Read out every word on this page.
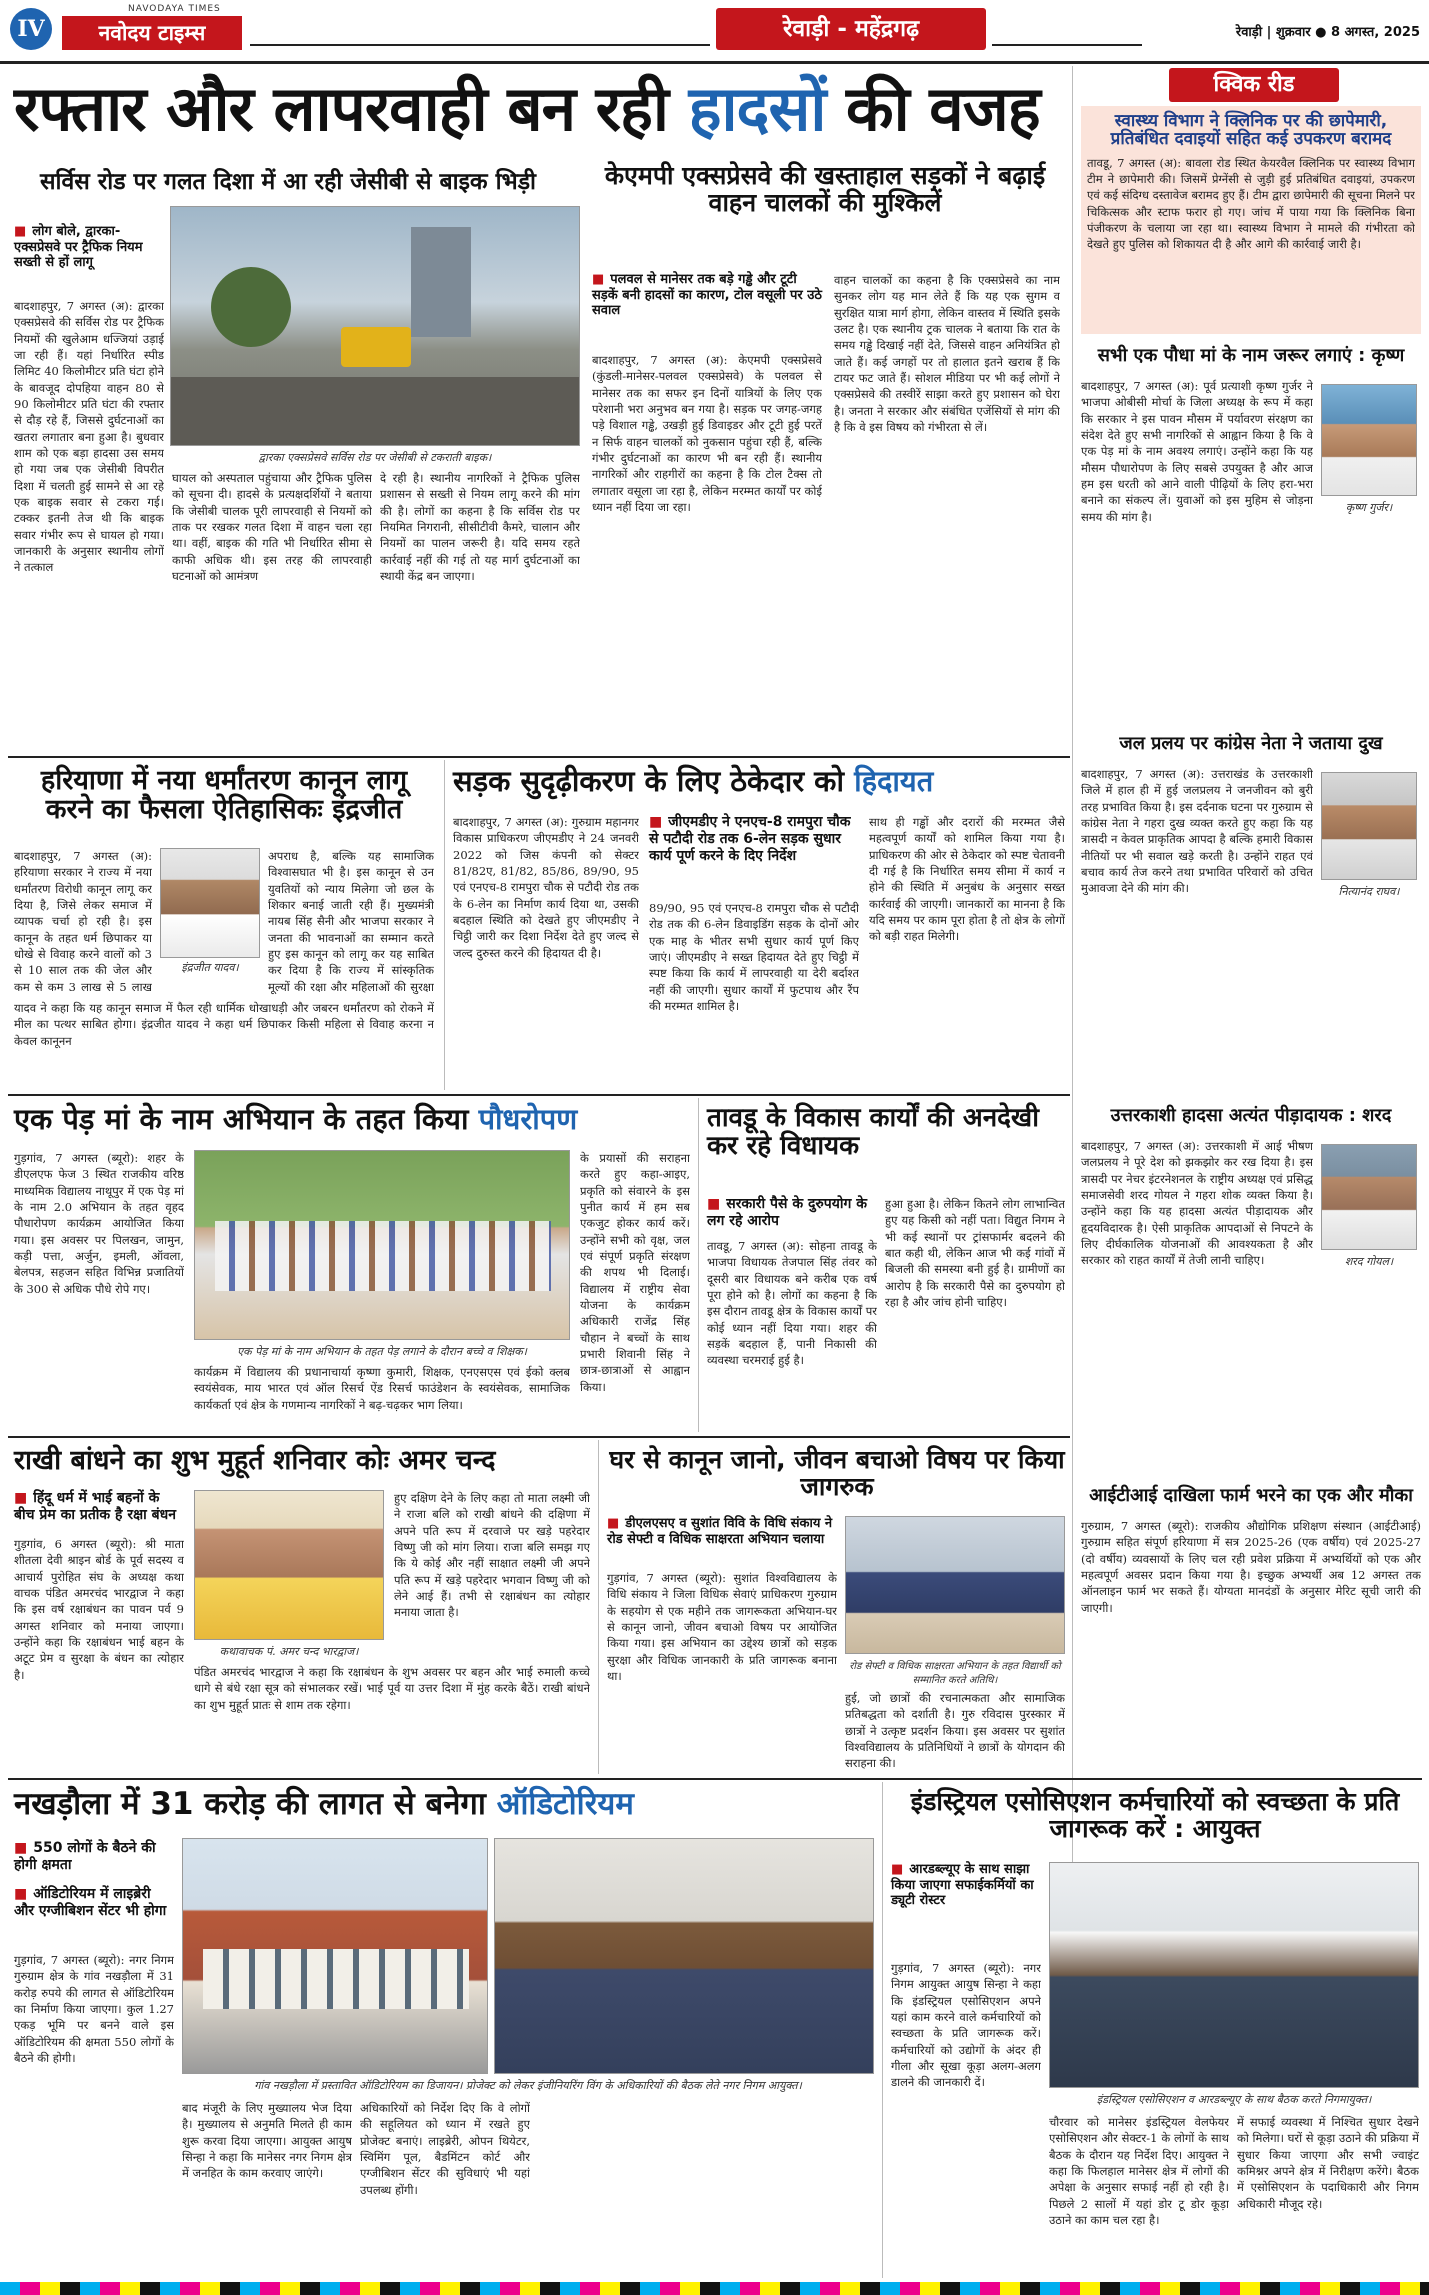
IV
NAVODAYA TIMES
नवोदय टाइम्स	रेवाड़ी - महेंद्रगढ़	रेवाड़ी | शुक्रवार ● 8 अगस्त, 2025
रफ्तार और लापरवाही बन रही हादसों की वजह
सर्विस रोड पर गलत दिशा में आ रही जेसीबी से बाइक भिड़ी	केएमपी एक्सप्रेसवे की खस्ताहाल सड़कों ने बढ़ाई वाहन चालकों की मुश्किलें
■ लोग बोले, द्वारका-एक्सप्रेसवे पर ट्रैफिक नियम सख्ती से हों लागू
द्वारका एक्सप्रेसवे सर्विस रोड पर जेसीबी से टकराती बाइक।
बादशाहपुर, 7 अगस्त (अ): द्वारका एक्सप्रेसवे की सर्विस रोड पर ट्रैफिक नियमों की खुलेआम धज्जियां उड़ाई जा रही हैं। यहां निर्धारित स्पीड लिमिट 40 किलोमीटर प्रति घंटा होने के बावजूद दोपहिया वाहन 80 से 90 किलोमीटर प्रति घंटा की रफ्तार से दौड़ रहे हैं, जिससे दुर्घटनाओं का खतरा लगातार बना हुआ है। बुधवार शाम को एक बड़ा हादसा उस समय हो गया जब एक जेसीबी विपरीत दिशा में चलती हुई सामने से आ रहे एक बाइक सवार से टकरा गई। टक्कर इतनी तेज थी कि बाइक सवार गंभीर रूप से घायल हो गया। जानकारी के अनुसार स्थानीय लोगों ने तत्काल
घायल को अस्पताल पहुंचाया और ट्रैफिक पुलिस को सूचना दी। हादसे के प्रत्यक्षदर्शियों ने बताया कि जेसीबी चालक पूरी लापरवाही से नियमों को ताक पर रखकर गलत दिशा में वाहन चला रहा था। वहीं, बाइक की गति भी निर्धारित सीमा से काफी अधिक थी। इस तरह की लापरवाही घटनाओं को आमंत्रण
दे रही है। स्थानीय नागरिकों ने ट्रैफिक पुलिस प्रशासन से सख्ती से नियम लागू करने की मांग की है। लोगों का कहना है कि सर्विस रोड पर नियमित निगरानी, सीसीटीवी कैमरे, चालान और नियमों का पालन जरूरी है। यदि समय रहते कार्रवाई नहीं की गई तो यह मार्ग दुर्घटनाओं का स्थायी केंद्र बन जाएगा।
■ पलवल से मानेसर तक बड़े गड्ढे और टूटी सड़कें बनी हादसों का कारण, टोल वसूली पर उठे सवाल
बादशाहपुर, 7 अगस्त (अ): केएमपी एक्सप्रेसवे (कुंडली-मानेसर-पलवल एक्सप्रेसवे) के पलवल से मानेसर तक का सफर इन दिनों यात्रियों के लिए एक परेशानी भरा अनुभव बन गया है। सड़क पर जगह-जगह पड़े विशाल गड्ढे, उखड़ी हुई डिवाइडर और टूटी हुई परतें न सिर्फ वाहन चालकों को नुकसान पहुंचा रही हैं, बल्कि गंभीर दुर्घटनाओं का कारण भी बन रही हैं। स्थानीय नागरिकों और राहगीरों का कहना है कि टोल टैक्स तो लगातार वसूला जा रहा है, लेकिन मरम्मत कार्यों पर कोई ध्यान नहीं दिया जा रहा।
वाहन चालकों का कहना है कि एक्सप्रेसवे का नाम सुनकर लोग यह मान लेते हैं कि यह एक सुगम व सुरक्षित यात्रा मार्ग होगा, लेकिन वास्तव में स्थिति इसके उलट है। एक स्थानीय ट्रक चालक ने बताया कि रात के समय गड्ढे दिखाई नहीं देते, जिससे वाहन अनियंत्रित हो जाते हैं। कई जगहों पर तो हालात इतने खराब हैं कि टायर फट जाते हैं। सोशल मीडिया पर भी कई लोगों ने एक्सप्रेसवे की तस्वीरें साझा करते हुए प्रशासन को घेरा है। जनता ने सरकार और संबंधित एजेंसियों से मांग की है कि वे इस विषय को गंभीरता से लें।
क्विक रीड
स्वास्थ्य विभाग ने क्लिनिक पर की छापेमारी, प्रतिबंधित दवाइयों सहित कई उपकरण बरामद
तावडू, 7 अगस्त (अ): बावला रोड स्थित केयरवैल क्लिनिक पर स्वास्थ्य विभाग टीम ने छापेमारी की। जिसमें प्रेग्नेंसी से जुड़ी हुई प्रतिबंधित दवाइयां, उपकरण एवं कई संदिग्ध दस्तावेज बरामद हुए हैं। टीम द्वारा छापेमारी की सूचना मिलने पर चिकित्सक और स्टाफ फरार हो गए। जांच में पाया गया कि क्लिनिक बिना पंजीकरण के चलाया जा रहा था। स्वास्थ्य विभाग ने मामले की गंभीरता को देखते हुए पुलिस को शिकायत दी है और आगे की कार्रवाई जारी है।
सभी एक पौधा मां के नाम जरूर लगाएं : कृष्ण
बादशाहपुर, 7 अगस्त (अ): पूर्व प्रत्याशी कृष्ण गुर्जर ने भाजपा ओबीसी मोर्चा के जिला अध्यक्ष के रूप में कहा कि सरकार ने इस पावन मौसम में पर्यावरण संरक्षण का संदेश देते हुए सभी नागरिकों से आह्वान किया है कि वे एक पेड़ मां के नाम अवश्य लगाएं। उन्होंने कहा कि यह मौसम पौधारोपण के लिए सबसे उपयुक्त है और आज हम इस धरती को आने वाली पीढ़ियों के लिए हरा-भरा बनाने का संकल्प लें। युवाओं को इस मुहिम से जोड़ना समय की मांग है।
कृष्ण गुर्जर।
जल प्रलय पर कांग्रेस नेता ने जताया दुख
बादशाहपुर, 7 अगस्त (अ): उत्तराखंड के उत्तरकाशी जिले में हाल ही में हुई जलप्रलय ने जनजीवन को बुरी तरह प्रभावित किया है। इस दर्दनाक घटना पर गुरुग्राम से कांग्रेस नेता ने गहरा दुख व्यक्त करते हुए कहा कि यह त्रासदी न केवल प्राकृतिक आपदा है बल्कि हमारी विकास नीतियों पर भी सवाल खड़े करती है। उन्होंने राहत एवं बचाव कार्य तेज करने तथा प्रभावित परिवारों को उचित मुआवजा देने की मांग की।	नित्यानंद राघव।
उत्तरकाशी हादसा अत्यंत पीड़ादायक : शरद
बादशाहपुर, 7 अगस्त (अ): उत्तरकाशी में आई भीषण जलप्रलय ने पूरे देश को झकझोर कर रख दिया है। इस त्रासदी पर नेचर इंटरनेशनल के राष्ट्रीय अध्यक्ष एवं प्रसिद्ध समाजसेवी शरद गोयल ने गहरा शोक व्यक्त किया है। उन्होंने कहा कि यह हादसा अत्यंत पीड़ादायक और हृदयविदारक है। ऐसी प्राकृतिक आपदाओं से निपटने के लिए दीर्घकालिक योजनाओं की आवश्यकता है और सरकार को राहत कार्यों में तेजी लानी चाहिए।	शरद गोयल।
आईटीआई दाखिला फार्म भरने का एक और मौका
गुरुग्राम, 7 अगस्त (ब्यूरो): राजकीय औद्योगिक प्रशिक्षण संस्थान (आईटीआई) गुरुग्राम सहित संपूर्ण हरियाणा में सत्र 2025-26 (एक वर्षीय) एवं 2025-27 (दो वर्षीय) व्यवसायों के लिए चल रही प्रवेश प्रक्रिया में अभ्यर्थियों को एक और महत्वपूर्ण अवसर प्रदान किया गया है। इच्छुक अभ्यर्थी अब 12 अगस्त तक ऑनलाइन फार्म भर सकते हैं। योग्यता मानदंडों के अनुसार मेरिट सूची जारी की जाएगी।
हरियाणा में नया धर्मांतरण कानून लागू करने का फैसला ऐतिहासिकः इंद्रजीत
बादशाहपुर, 7 अगस्त (अ): हरियाणा सरकार ने राज्य में नया धर्मांतरण विरोधी कानून लागू कर दिया है, जिसे लेकर समाज में व्यापक चर्चा हो रही है। इस कानून के तहत धर्म छिपाकर या धोखे से विवाह करने वालों को 3 से 10 साल तक की जेल और कम से कम 3 लाख से 5 लाख
इंद्रजीत यादव।
अपराध है, बल्कि यह सामाजिक विश्वासघात भी है। इस कानून से उन युवतियों को न्याय मिलेगा जो छल के शिकार बनाई जाती रही हैं। मुख्यमंत्री नायब सिंह सैनी और भाजपा सरकार ने जनता की भावनाओं का सम्मान करते हुए इस कानून को लागू कर यह साबित कर दिया है कि राज्य में सांस्कृतिक मूल्यों की रक्षा और महिलाओं की सुरक्षा
यादव ने कहा कि यह कानून समाज में फैल रही धार्मिक धोखाधड़ी और जबरन धर्मांतरण को रोकने में मील का पत्थर साबित होगा। इंद्रजीत यादव ने कहा धर्म छिपाकर किसी महिला से विवाह करना न केवल कानूनन
सड़क सुदृढ़ीकरण के लिए ठेकेदार को हिदायत
बादशाहपुर, 7 अगस्त (अ): गुरुग्राम महानगर विकास प्राधिकरण जीएमडीए ने 24 जनवरी 2022 को जिस कंपनी को सेक्टर 81/82ए, 81/82, 85/86, 89/90, 95 एवं एनएच-8 रामपुरा चौक से पटौदी रोड तक के 6-लेन का निर्माण कार्य दिया था, उसकी बदहाल स्थिति को देखते हुए जीएमडीए ने चिट्ठी जारी कर दिशा निर्देश देते हुए जल्द से जल्द दुरुस्त करने की हिदायत दी है।
■ जीएमडीए ने एनएच-8 रामपुरा चौक से पटौदी रोड तक 6-लेन सड़क सुधार कार्य पूर्ण करने के दिए निर्देश
89/90, 95 एवं एनएच-8 रामपुरा चौक से पटौदी रोड तक की 6-लेन डिवाइडिंग सड़क के दोनों ओर एक माह के भीतर सभी सुधार कार्य पूर्ण किए जाएं। जीएमडीए ने सख्त हिदायत देते हुए चिट्ठी में स्पष्ट किया कि कार्य में लापरवाही या देरी बर्दाश्त नहीं की जाएगी। सुधार कार्यों में फुटपाथ और रैंप की मरम्मत शामिल है।
साथ ही गड्ढों और दरारों की मरम्मत जैसे महत्वपूर्ण कार्यों को शामिल किया गया है। प्राधिकरण की ओर से ठेकेदार को स्पष्ट चेतावनी दी गई है कि निर्धारित समय सीमा में कार्य न होने की स्थिति में अनुबंध के अनुसार सख्त कार्रवाई की जाएगी। जानकारों का मानना है कि यदि समय पर काम पूरा होता है तो क्षेत्र के लोगों को बड़ी राहत मिलेगी।
एक पेड़ मां के नाम अभियान के तहत किया पौधरोपण
गुड़गांव, 7 अगस्त (ब्यूरो): शहर के डीएलएफ फेज 3 स्थित राजकीय वरिष्ठ माध्यमिक विद्यालय नाथूपुर में एक पेड़ मां के नाम 2.0 अभियान के तहत वृहद पौधारोपण कार्यक्रम आयोजित किया गया। इस अवसर पर पिलखन, जामुन, कड़ी पत्ता, अर्जुन, इमली, ऑवला, बेलपत्र, सहजन सहित विभिन्न प्रजातियों के 300 से अधिक पौधे रोपे गए।
एक पेड़ मां के नाम अभियान के तहत पेड़ लगाने के दौरान बच्चे व शिक्षक।
कार्यक्रम में विद्यालय की प्रधानाचार्या कृष्णा कुमारी, शिक्षक, एनएसएस एवं ईको क्लब स्वयंसेवक, माय भारत एवं ऑल रिसर्च ऐंड रिसर्च फाउंडेशन के स्वयंसेवक, सामाजिक कार्यकर्ता एवं क्षेत्र के गणमान्य नागरिकों ने बढ़-चढ़कर भाग लिया।
के प्रयासों की सराहना करते हुए कहा-आइए, प्रकृति को संवारने के इस पुनीत कार्य में हम सब एकजुट होकर कार्य करें। उन्होंने सभी को वृक्ष, जल एवं संपूर्ण प्रकृति संरक्षण की शपथ भी दिलाई। विद्यालय में राष्ट्रीय सेवा योजना के कार्यक्रम अधिकारी राजेंद्र सिंह चौहान ने बच्चों के साथ प्रभारी शिवानी सिंह ने छात्र-छात्राओं से आह्वान किया।
तावडू के विकास कार्यों की अनदेखी कर रहे विधायक
■ सरकारी पैसे के दुरुपयोग के लग रहे आरोप
तावडू, 7 अगस्त (अ): सोहना तावडू के भाजपा विधायक तेजपाल सिंह तंवर को दूसरी बार विधायक बने करीब एक वर्ष पूरा होने को है। लोगों का कहना है कि इस दौरान तावडू क्षेत्र के विकास कार्यों पर कोई ध्यान नहीं दिया गया। शहर की सड़कें बदहाल हैं, पानी निकासी की व्यवस्था चरमराई हुई है।
हुआ हुआ है। लेकिन कितने लोग लाभान्वित हुए यह किसी को नहीं पता। विद्युत निगम ने भी कई स्थानों पर ट्रांसफार्मर बदलने की बात कही थी, लेकिन आज भी कई गांवों में बिजली की समस्या बनी हुई है। ग्रामीणों का आरोप है कि सरकारी पैसे का दुरुपयोग हो रहा है और जांच होनी चाहिए।
राखी बांधने का शुभ मुहूर्त शनिवार कोः अमर चन्द
■ हिंदू धर्म में भाई बहनों के बीच प्रेम का प्रतीक है रक्षा बंधन
गुड़गांव, 6 अगस्त (ब्यूरो): श्री माता शीतला देवी श्राइन बोर्ड के पूर्व सदस्य व आचार्य पुरोहित संघ के अध्यक्ष कथा वाचक पंडित अमरचंद भारद्वाज ने कहा कि इस वर्ष रक्षाबंधन का पावन पर्व 9 अगस्त शनिवार को मनाया जाएगा। उन्होंने कहा कि रक्षाबंधन भाई बहन के अटूट प्रेम व सुरक्षा के बंधन का त्योहार है।
कथावाचक पं. अमर चन्द भारद्वाज।
हुए दक्षिण देने के लिए कहा तो माता लक्ष्मी जी ने राजा बलि को राखी बांधने की दक्षिणा में अपने पति रूप में दरवाजे पर खड़े पहरेदार विष्णु जी को मांग लिया। राजा बलि समझ गए कि ये कोई और नहीं साक्षात लक्ष्मी जी अपने पति रूप में खड़े पहरेदार भगवान विष्णु जी को लेने आई हैं। तभी से रक्षाबंधन का त्योहार मनाया जाता है।
पंडित अमरचंद भारद्वाज ने कहा कि रक्षाबंधन के शुभ अवसर पर बहन और भाई रुमाली कच्चे धागे से बंधे रक्षा सूत्र को संभालकर रखें। भाई पूर्व या उत्तर दिशा में मुंह करके बैठें। राखी बांधने का शुभ मुहूर्त प्रातः से शाम तक रहेगा।
घर से कानून जानो, जीवन बचाओ विषय पर किया जागरुक
■ डीएलएसए व सुशांत विवि के विधि संकाय ने रोड सेफ्टी व विधिक साक्षरता अभियान चलाया
रोड सेफ्टी व विधिक साक्षरता अभियान के तहत विद्यार्थी को सम्मानित करते अतिथि।
गुड़गांव, 7 अगस्त (ब्यूरो): सुशांत विश्वविद्यालय के विधि संकाय ने जिला विधिक सेवाएं प्राधिकरण गुरुग्राम के सहयोग से एक महीने तक जागरूकता अभियान-घर से कानून जानो, जीवन बचाओ विषय पर आयोजित किया गया। इस अभियान का उद्देश्य छात्रों को सड़क सुरक्षा और विधिक जानकारी के प्रति जागरूक बनाना था।
हुई, जो छात्रों की रचनात्मकता और सामाजिक प्रतिबद्धता को दर्शाती है। गुरु रविदास पुरस्कार में छात्रों ने उत्कृष्ट प्रदर्शन किया। इस अवसर पर सुशांत विश्वविद्यालय के प्रतिनिधियों ने छात्रों के योगदान की सराहना की।
नखड़ौला में 31 करोड़ की लागत से बनेगा ऑडिटोरियम
■ 550 लोगों के बैठने की होगी क्षमता
■ ऑडिटोरियम में लाइब्रेरी और एग्जीबिशन सेंटर भी होगा
गुड़गांव, 7 अगस्त (ब्यूरो): नगर निगम गुरुग्राम क्षेत्र के गांव नखड़ौला में 31 करोड़ रुपये की लागत से ऑडिटोरियम का निर्माण किया जाएगा। कुल 1.27 एकड़ भूमि पर बनने वाले इस ऑडिटोरियम की क्षमता 550 लोगों के बैठने की होगी।
गांव नखड़ौला में प्रस्तावित ऑडिटोरियम का डिजायन। प्रोजेक्ट को लेकर इंजीनियरिंग विंग के अधिकारियों की बैठक लेते नगर निगम आयुक्त।
बाद मंजूरी के लिए मुख्यालय भेज दिया है। मुख्यालय से अनुमति मिलते ही काम शुरू करवा दिया जाएगा। आयुक्त आयुष सिन्हा ने कहा कि मानेसर नगर निगम क्षेत्र में जनहित के काम करवाए जाएंगे।
अधिकारियों को निर्देश दिए कि वे लोगों की सहूलियत को ध्यान में रखते हुए प्रोजेक्ट बनाएं। लाइब्रेरी, ओपन थियेटर, स्विमिंग पूल, बैडमिंटन कोर्ट और एग्जीबिशन सेंटर की सुविधाएं भी यहां उपलब्ध होंगी।
इंडस्ट्रियल एसोसिएशन कर्मचारियों को स्वच्छता के प्रति जागरूक करें : आयुक्त
■ आरडब्ल्यूए के साथ साझा किया जाएगा सफाईकर्मियों का ड्यूटी रोस्टर
इंडस्ट्रियल एसोसिएशन व आरडब्ल्यूए के साथ बैठक करते निगमायुक्त।
गुड़गांव, 7 अगस्त (ब्यूरो): नगर निगम आयुक्त आयुष सिन्हा ने कहा कि इंडस्ट्रियल एसोसिएशन अपने यहां काम करने वाले कर्मचारियों को स्वच्छता के प्रति जागरूक करें। कर्मचारियों को उद्योगों के अंदर ही गीला और सूखा कूड़ा अलग-अलग डालने की जानकारी दें।
चौरवार को मानेसर इंडस्ट्रियल वेलफेयर एसोसिएशन और सेक्टर-1 के लोगों के साथ बैठक के दौरान यह निर्देश दिए। आयुक्त ने कहा कि फिलहाल मानेसर क्षेत्र में लोगों की अपेक्षा के अनुसार सफाई नहीं हो रही है। पिछले 2 सालों में यहां डोर टू डोर कूड़ा उठाने का काम चल रहा है।
में सफाई व्यवस्था में निश्चित सुधार देखने को मिलेगा। घरों से कूड़ा उठाने की प्रक्रिया में सुधार किया जाएगा और सभी ज्वाइंट कमिश्नर अपने क्षेत्र में निरीक्षण करेंगे। बैठक में एसोसिएशन के पदाधिकारी और निगम अधिकारी मौजूद रहे।
